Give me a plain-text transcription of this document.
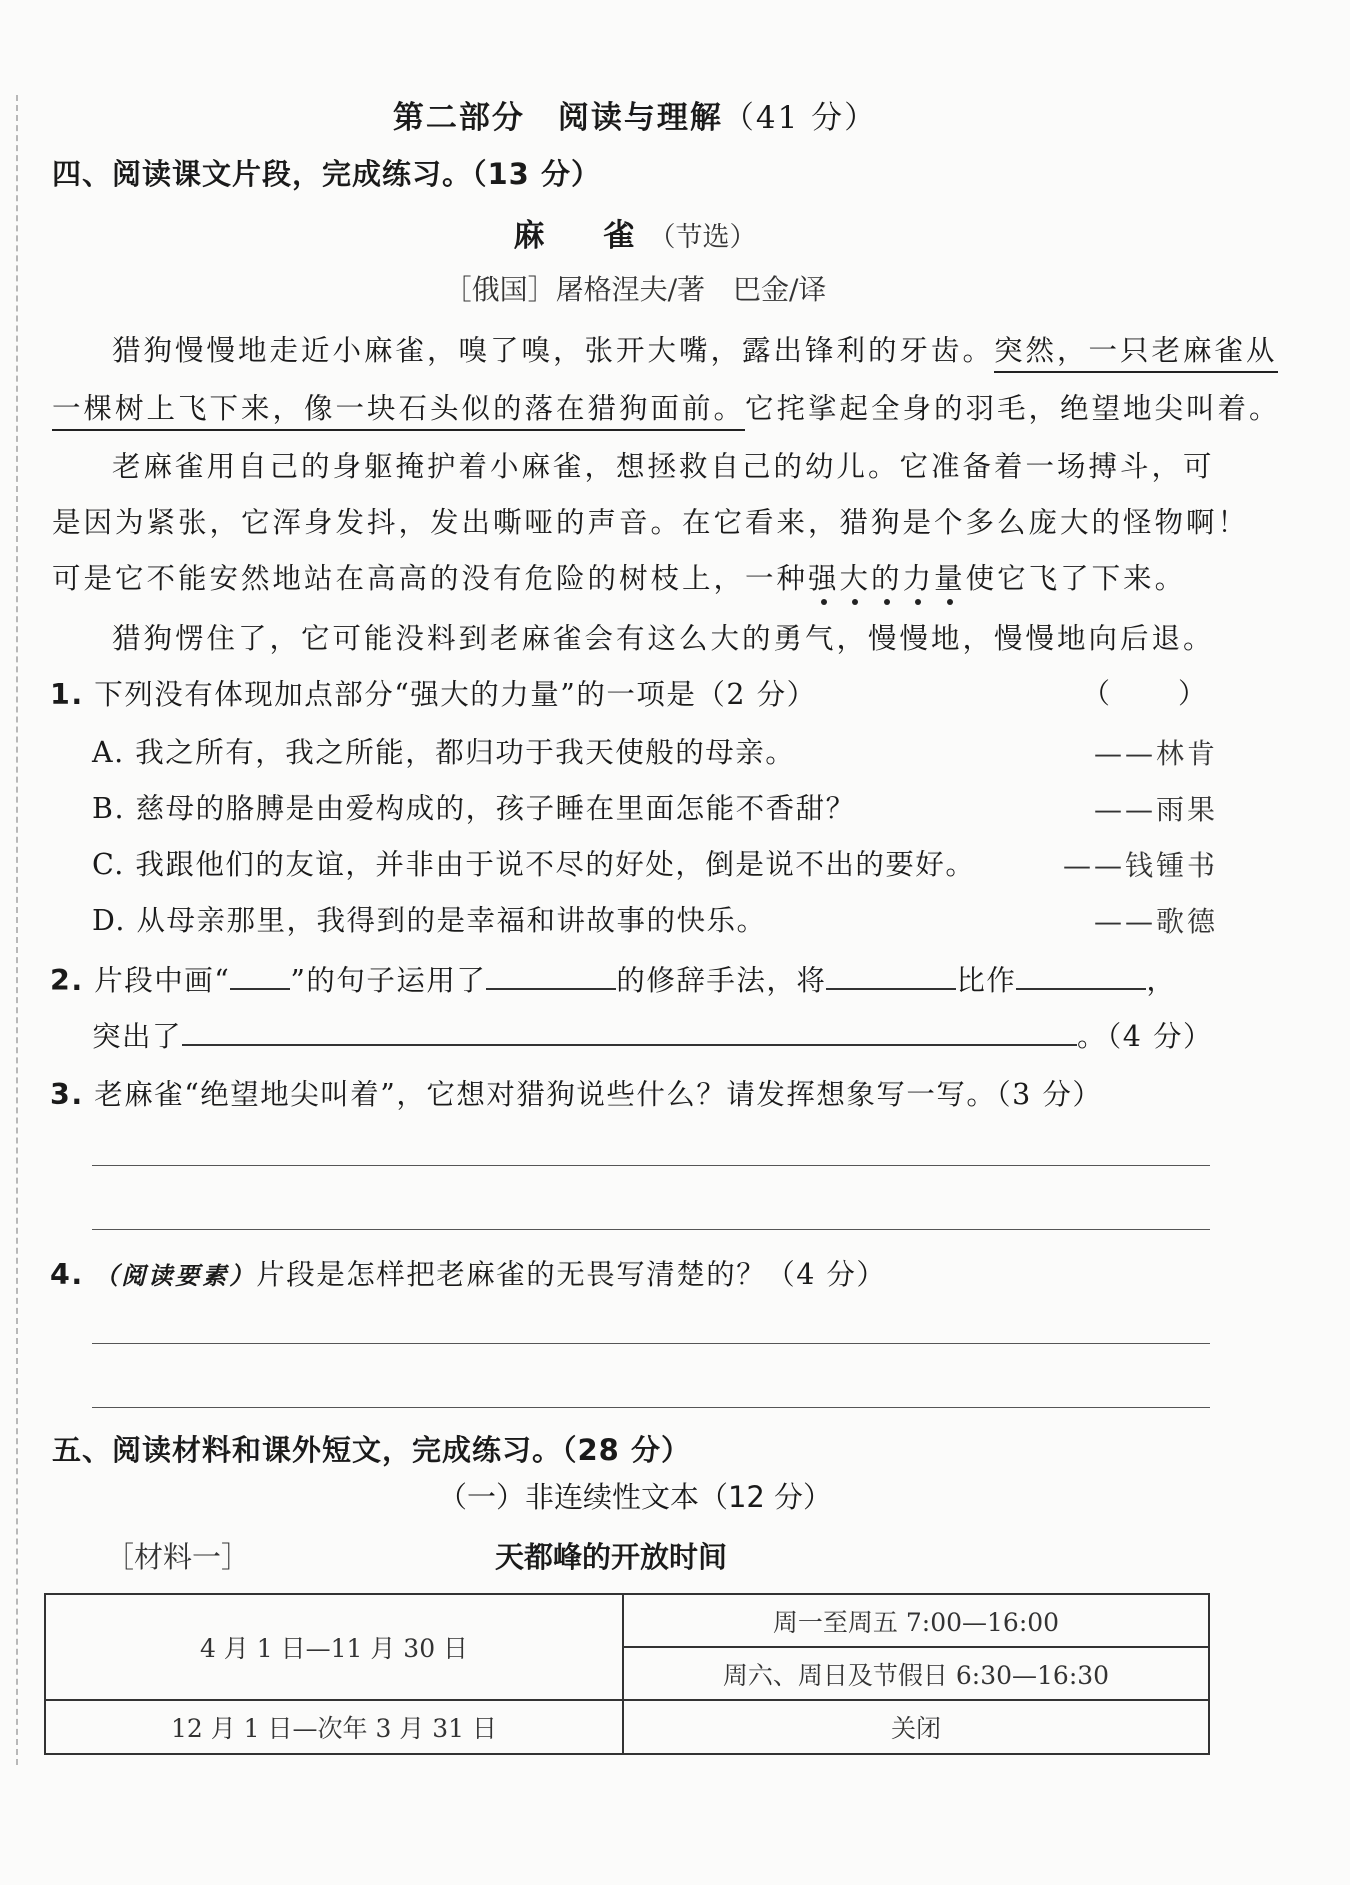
第二部分　阅读与理解（41 分）
四、阅读课文片段，完成练习。（13 分）
麻　雀（节选）
［俄国］屠格涅夫/著　巴金/译
猎狗慢慢地走近小麻雀，嗅了嗅，张开大嘴，露出锋利的牙齿。突然，一只老麻雀从
一棵树上飞下来，像一块石头似的落在猎狗面前。它挓挲起全身的羽毛，绝望地尖叫着。
老麻雀用自己的身躯掩护着小麻雀，想拯救自己的幼儿。它准备着一场搏斗，可
是因为紧张，它浑身发抖，发出嘶哑的声音。在它看来，猎狗是个多么庞大的怪物啊！
可是它不能安然地站在高高的没有危险的树枝上，一种强大的力量使它飞了下来。
猎狗愣住了，它可能没料到老麻雀会有这么大的勇气，慢慢地，慢慢地向后退。
1. 下列没有体现加点部分“强大的力量”的一项是（2 分）	（　　）
A. 我之所有，我之所能，都归功于我天使般的母亲。	——林肯
B. 慈母的胳膊是由爱构成的，孩子睡在里面怎能不香甜？	——雨果
C. 我跟他们的友谊，并非由于说不尽的好处，倒是说不出的要好。	——钱锺书
D. 从母亲那里，我得到的是幸福和讲故事的快乐。	——歌德
2. 片段中画“ ”的句子运用了	的修辞手法，将	比作	，
突出了	。（4 分）
3. 老麻雀“绝望地尖叫着”，它想对猎狗说些什么？请发挥想象写一写。（3 分）
4. （阅读要素）片段是怎样把老麻雀的无畏写清楚的？（4 分）
五、阅读材料和课外短文，完成练习。（28 分）
（一）非连续性文本（12 分）
［材料一］	天都峰的开放时间
4 月 1 日—11 月 30 日	周一至周五 7:00—16:00
	周六、周日及节假日 6:30—16:30
12 月 1 日—次年 3 月 31 日	关闭
